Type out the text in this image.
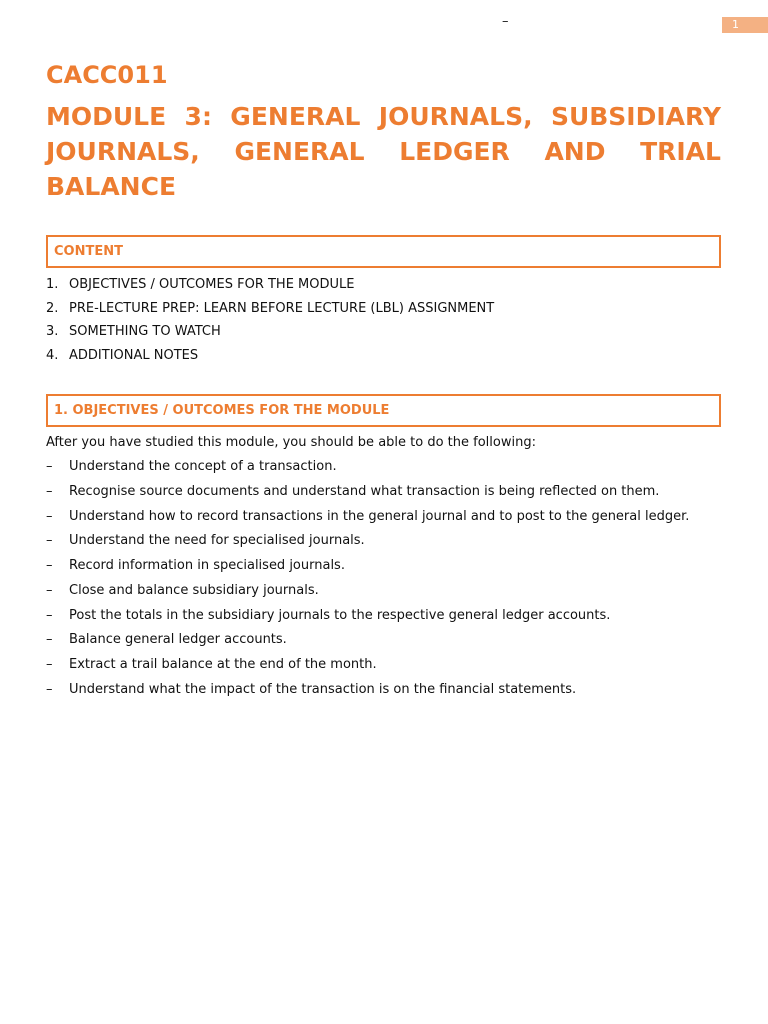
–	1
CACC011
MODULE 3: GENERAL JOURNALS, SUBSIDIARY
JOURNALS, GENERAL LEDGER AND TRIAL
BALANCE
CONTENT
1. OBJECTIVES / OUTCOMES FOR THE MODULE
2. PRE-LECTURE PREP: LEARN BEFORE LECTURE (LBL) ASSIGNMENT
3. SOMETHING TO WATCH
4. ADDITIONAL NOTES
1. OBJECTIVES / OUTCOMES FOR THE MODULE

After you have studied this module, you should be able to do the following:

–	Understand the concept of a transaction.
–	Recognise source documents and understand what transaction is being reflected on them.
–	Understand how to record transactions in the general journal and to post to the general ledger.
–	Understand the need for specialised journals.
–	Record information in specialised journals.
–	Close and balance subsidiary journals.
–	Post the totals in the subsidiary journals to the respective general ledger accounts.
–	Balance general ledger accounts.
–	Extract a trail balance at the end of the month.
–	Understand what the impact of the transaction is on the financial statements.
